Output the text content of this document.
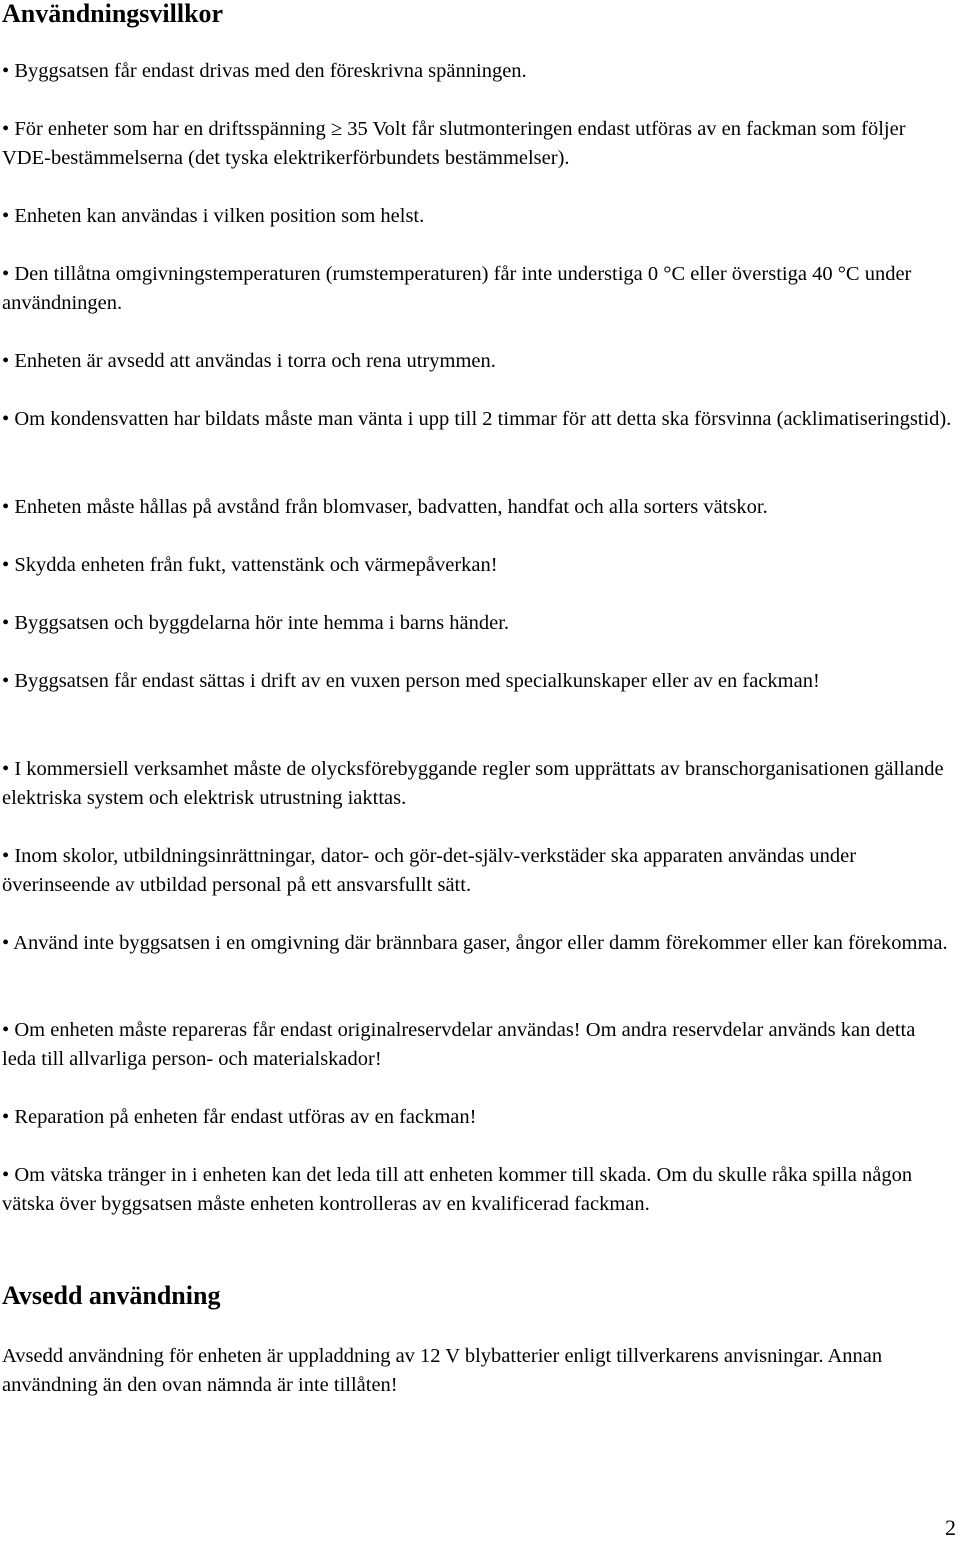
Användningsvillkor

• Byggsatsen får endast drivas med den föreskrivna spänningen.

• För enheter som har en driftsspänning ≥ 35 Volt får slutmonteringen endast utföras av en fackman som följer VDE-bestämmelserna (det tyska elektrikerförbundets bestämmelser).

• Enheten kan användas i vilken position som helst.

• Den tillåtna omgivningstemperaturen (rumstemperaturen) får inte understiga 0 °C eller överstiga 40 °C under användningen.

• Enheten är avsedd att användas i torra och rena utrymmen.

• Om kondensvatten har bildats måste man vänta i upp till 2 timmar för att detta ska försvinna (acklimatiseringstid).

• Enheten måste hållas på avstånd från blomvaser, badvatten, handfat och alla sorters vätskor.

• Skydda enheten från fukt, vattenstänk och värmepåverkan!

• Byggsatsen och byggdelarna hör inte hemma i barns händer.

• Byggsatsen får endast sättas i drift av en vuxen person med specialkunskaper eller av en fackman!

• I kommersiell verksamhet måste de olycksförebyggande regler som upprättats av branschorganisationen gällande elektriska system och elektrisk utrustning iakttas.

• Inom skolor, utbildningsinrättningar, dator- och gör-det-själv-verkstäder ska apparaten användas under överinseende av utbildad personal på ett ansvarsfullt sätt.

• Använd inte byggsatsen i en omgivning där brännbara gaser, ångor eller damm förekommer eller kan förekomma.

• Om enheten måste repareras får endast originalreservdelar användas! Om andra reservdelar används kan detta leda till allvarliga person- och materialskador!

• Reparation på enheten får endast utföras av en fackman!

• Om vätska tränger in i enheten kan det leda till att enheten kommer till skada. Om du skulle råka spilla någon vätska över byggsatsen måste enheten kontrolleras av en kvalificerad fackman.

Avsedd användning

Avsedd användning för enheten är uppladdning av 12 V blybatterier enligt tillverkarens anvisningar. Annan användning än den ovan nämnda är inte tillåten!

2
